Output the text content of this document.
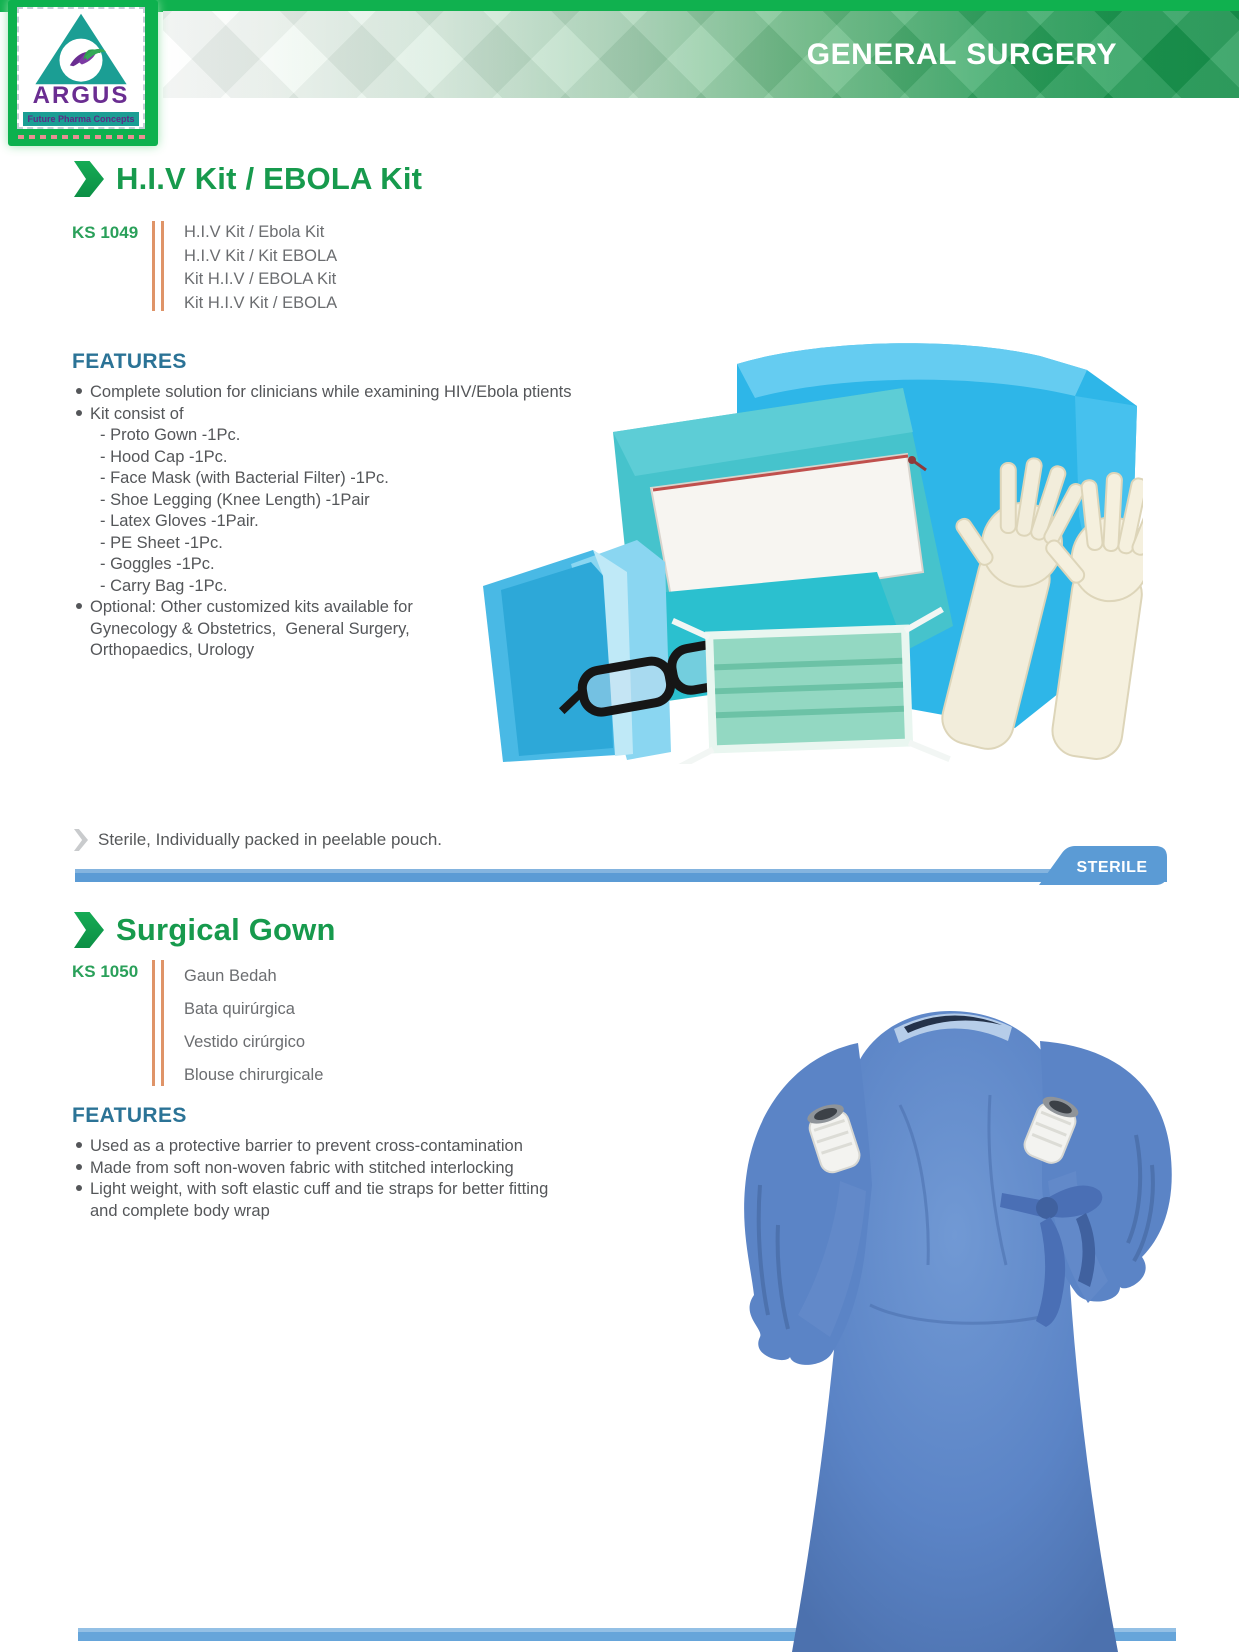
GENERAL SURGERY
ARGUS
Future Pharma Concepts
H.I.V Kit / EBOLA Kit
KS 1049	H.I.V Kit / Ebola Kit
H.I.V Kit / Kit EBOLA
Kit H.I.V / EBOLA Kit
Kit H.I.V Kit / EBOLA
FEATURES
Complete solution for clinicians while examining HIV/Ebola ptients
Kit consist of
- Proto Gown -1Pc.
- Hood Cap -1Pc.
- Face Mask (with Bacterial Filter) -1Pc.
- Shoe Legging (Knee Length) -1Pair
- Latex Gloves -1Pair.
- PE Sheet -1Pc.
- Goggles -1Pc.
- Carry Bag -1Pc.
Optional: Other customized kits available for
Gynecology & Obstetrics,  General Surgery,
Orthopaedics, Urology
Sterile, Individually packed in peelable pouch.
STERILE
Surgical Gown
KS 1050	Gaun Bedah
Bata quirúrgica
Vestido cirúrgico
Blouse chirurgicale
FEATURES
Used as a protective barrier to prevent cross-contamination
Made from soft non-woven fabric with stitched interlocking
Light weight, with soft elastic cuff and tie straps for better fitting
and complete body wrap
